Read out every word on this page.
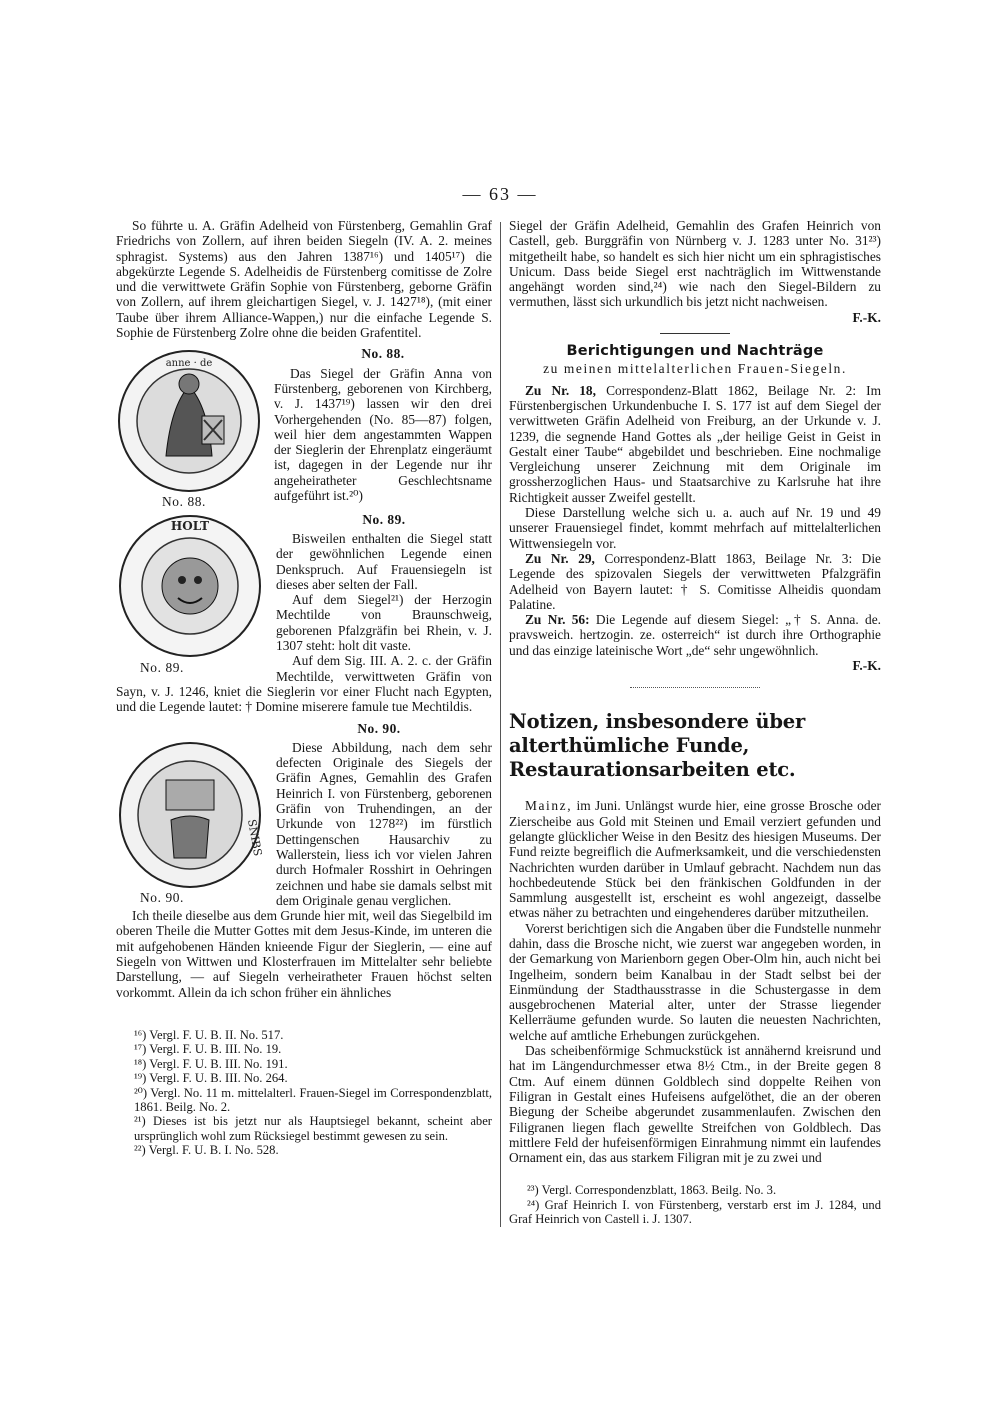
— 63 —

So führte u. A. Gräfin Adelheid von Fürstenberg, Gemahlin Graf Friedrichs von Zollern, auf ihren beiden Siegeln (IV. A. 2. meines sphragist. Systems) aus den Jahren 1387¹⁶) und 1405¹⁷) die abgekürzte Legende S. Adelheidis de Fürstenberg comitisse de Zolre und die verwittwete Gräfin Sophie von Fürstenberg, geborne Gräfin von Zollern, auf ihrem gleichartigen Siegel, v. J. 1427¹⁸), (mit einer Taube über ihrem Alliance-Wappen,) nur die einfache Legende S. Sophie de Fürstenberg Zolre ohne die beiden Grafentitel.

anne · de
No. 88.
No. 88.

Das Siegel der Gräfin Anna von Fürstenberg, geborenen von Kirchberg, v. J. 1437¹⁹) lassen wir den drei Vorhergehenden (No. 85—87) folgen, weil hier dem angestammten Wappen der Sieglerin der Ehrenplatz eingeräumt ist, dagegen in der Legende nur ihr angeheiratheter Geschlechtsname aufgeführt ist.²⁰)

HOLT
No. 89.
No. 89.

Bisweilen enthalten die Siegel statt der gewöhnlichen Legende einen Denkspruch. Auf Frauensiegeln ist dieses aber selten der Fall.

Auf dem Siegel²¹) der Herzogin Mechtilde von Braunschweig, geborenen Pfalzgräfin bei Rhein, v. J. 1307 steht: holt dit vaste.

Auf dem Sig. III. A. 2. c. der Gräfin Mechtilde, verwittweten Gräfin von Sayn, v. J. 1246, kniet die Sieglerin vor einer Flucht nach Egypten, und die Legende lautet: † Domine miserere famule tue Mechtildis.

No. 90.
SNIBS
No. 90.

Diese Abbildung, nach dem sehr defecten Originale des Siegels der Gräfin Agnes, Gemahlin des Grafen Heinrich I. von Fürstenberg, geborenen Gräfin von Truhendingen, an der Urkunde von 1278²²) im fürstlich Dettingenschen Hausarchiv zu Wallerstein, liess ich vor vielen Jahren durch Hofmaler Rosshirt in Oehringen zeichnen und habe sie damals selbst mit dem Originale genau verglichen.

Ich theile dieselbe aus dem Grunde hier mit, weil das Siegelbild im oberen Theile die Mutter Gottes mit dem Jesus-Kinde, im unteren die mit aufgehobenen Händen knieende Figur der Sieglerin, — eine auf Siegeln von Wittwen und Klosterfrauen im Mittelalter sehr beliebte Darstellung, — auf Siegeln verheiratheter Frauen höchst selten vorkommt. Allein da ich schon früher ein ähnliches

¹⁶) Vergl. F. U. B. II. No. 517.

¹⁷) Vergl. F. U. B. III. No. 19.

¹⁸) Vergl. F. U. B. III. No. 191.

¹⁹) Vergl. F. U. B. III. No. 264.

²⁰) Vergl. No. 11 m. mittelalterl. Frauen-Siegel im Correspondenzblatt, 1861. Beilg. No. 2.

²¹) Dieses ist bis jetzt nur als Hauptsiegel bekannt, scheint aber ursprünglich wohl zum Rücksiegel bestimmt gewesen zu sein.

²²) Vergl. F. U. B. I. No. 528.

Siegel der Gräfin Adelheid, Gemahlin des Grafen Heinrich von Castell, geb. Burggräfin von Nürnberg v. J. 1283 unter No. 31²³) mitgetheilt habe, so handelt es sich hier nicht um ein sphragistisches Unicum. Dass beide Siegel erst nachträglich im Wittwenstande angehängt worden sind,²⁴) wie nach den Siegel-Bildern zu vermuthen, lässt sich urkundlich bis jetzt nicht nachweisen.

F.-K.
Berichtigungen und Nachträge
zu meinen mittelalterlichen Frauen-Siegeln.

Zu Nr. 18, Correspondenz-Blatt 1862, Beilage Nr. 2: Im Fürstenbergischen Urkundenbuche I. S. 177 ist auf dem Siegel der verwittweten Gräfin Adelheid von Freiburg, an der Urkunde v. J. 1239, die segnende Hand Gottes als „der heilige Geist in Geist in Gestalt einer Taube“ abgebildet und beschrieben. Eine nochmalige Vergleichung unserer Zeichnung mit dem Originale im grossherzoglichen Haus- und Staatsarchive zu Karlsruhe hat ihre Richtigkeit ausser Zweifel gestellt.

Diese Darstellung welche sich u. a. auch auf Nr. 19 und 49 unserer Frauensiegel findet, kommt mehrfach auf mittelalterlichen Wittwensiegeln vor.

Zu Nr. 29, Correspondenz-Blatt 1863, Beilage Nr. 3: Die Legende des spizovalen Siegels der verwittweten Pfalzgräfin Adelheid von Bayern lautet: † S. Comitisse Alheidis quondam Palatine.

Zu Nr. 56: Die Legende auf diesem Siegel: „† S. Anna. de. pravsweich. hertzogin. ze. osterreich“ ist durch ihre Orthographie und das einzige lateinische Wort „de“ sehr ungewöhnlich.

F.-K.
Notizen, insbesondere über alterthümliche Funde, Restaurationsarbeiten etc.

Mainz, im Juni. Unlängst wurde hier, eine grosse Brosche oder Zierscheibe aus Gold mit Steinen und Email verziert gefunden und gelangte glücklicher Weise in den Besitz des hiesigen Museums. Der Fund reizte begreiflich die Aufmerksamkeit, und die verschiedensten Nachrichten wurden darüber in Umlauf gebracht. Nachdem nun das hochbedeutende Stück bei den fränkischen Goldfunden in der Sammlung ausgestellt ist, erscheint es wohl angezeigt, dasselbe etwas näher zu betrachten und eingehenderes darüber mitzutheilen.

Vorerst berichtigen sich die Angaben über die Fundstelle nunmehr dahin, dass die Brosche nicht, wie zuerst war angegeben worden, in der Gemarkung von Marienborn gegen Ober-Olm hin, auch nicht bei Ingelheim, sondern beim Kanalbau in der Stadt selbst bei der Einmündung der Stadthausstrasse in die Schustergasse in dem ausgebrochenen Material alter, unter der Strasse liegender Kellerräume gefunden wurde. So lauten die neuesten Nachrichten, welche auf amtliche Erhebungen zurückgehen.

Das scheibenförmige Schmuckstück ist annähernd kreisrund und hat im Längendurchmesser etwa 8½ Ctm., in der Breite gegen 8 Ctm. Auf einem dünnen Goldblech sind doppelte Reihen von Filigran in Gestalt eines Hufeisens aufgelöthet, die an der oberen Biegung der Scheibe abgerundet zusammenlaufen. Zwischen den Filigranen liegen flach gewellte Streifchen von Goldblech. Das mittlere Feld der hufeisenförmigen Einrahmung nimmt ein laufendes Ornament ein, das aus starkem Filigran mit je zu zwei und

²³) Vergl. Correspondenzblatt, 1863. Beilg. No. 3.

²⁴) Graf Heinrich I. von Fürstenberg, verstarb erst im J. 1284, und Graf Heinrich von Castell i. J. 1307.
